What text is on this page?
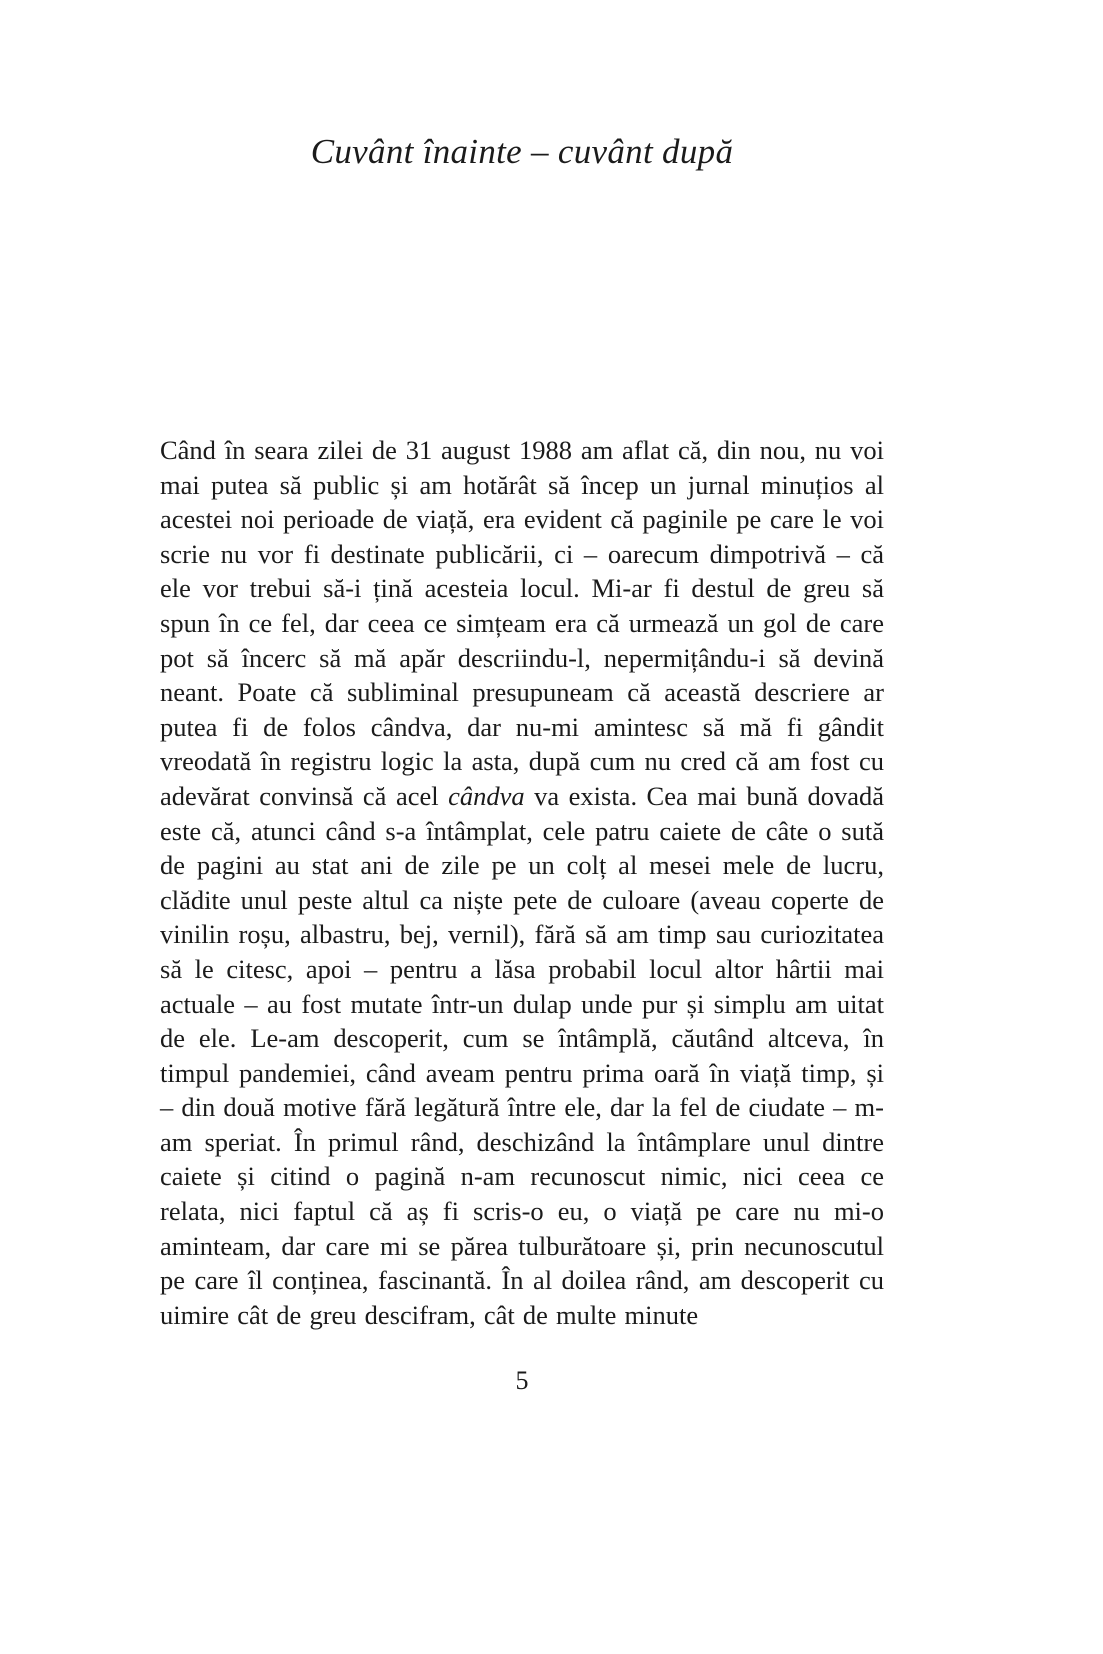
Cuvânt înainte – cuvânt după

Când în seara zilei de 31 august 1988 am aflat că, din nou, nu voi mai putea să public și am hotărât să încep un jurnal minuțios al acestei noi perioade de viață, era evident că paginile pe care le voi scrie nu vor fi destinate publicării, ci – oarecum dimpotrivă – că ele vor trebui să-i țină acesteia locul. Mi-ar fi destul de greu să spun în ce fel, dar ceea ce simțeam era că urmează un gol de care pot să încerc să mă apăr descriindu-l, nepermițându-i să devină neant. Poate că subliminal presupuneam că această descriere ar putea fi de folos cândva, dar nu-mi amintesc să mă fi gândit vreodată în registru logic la asta, după cum nu cred că am fost cu adevărat convinsă că acel cândva va exista. Cea mai bună dovadă este că, atunci când s-a întâmplat, cele patru caiete de câte o sută de pagini au stat ani de zile pe un colț al mesei mele de lucru, clădite unul peste altul ca niște pete de culoare (aveau coperte de vinilin roșu, albastru, bej, vernil), fără să am timp sau curiozitatea să le citesc, apoi – pentru a lăsa probabil locul altor hârtii mai actuale – au fost mutate într-un dulap unde pur și simplu am uitat de ele. Le-am descoperit, cum se întâmplă, căutând altceva, în timpul pandemiei, când aveam pentru prima oară în viață timp, și – din două motive fără legătură între ele, dar la fel de ciudate – m-am speriat. În primul rând, deschizând la întâmplare unul dintre caiete și citind o pagină n-am recunoscut nimic, nici ceea ce relata, nici faptul că aș fi scris-o eu, o viață pe care nu mi-o aminteam, dar care mi se părea tulburătoare și, prin necunoscutul pe care îl conținea, fascinantă. În al doilea rând, am descoperit cu uimire cât de greu descifram, cât de multe minute

5
